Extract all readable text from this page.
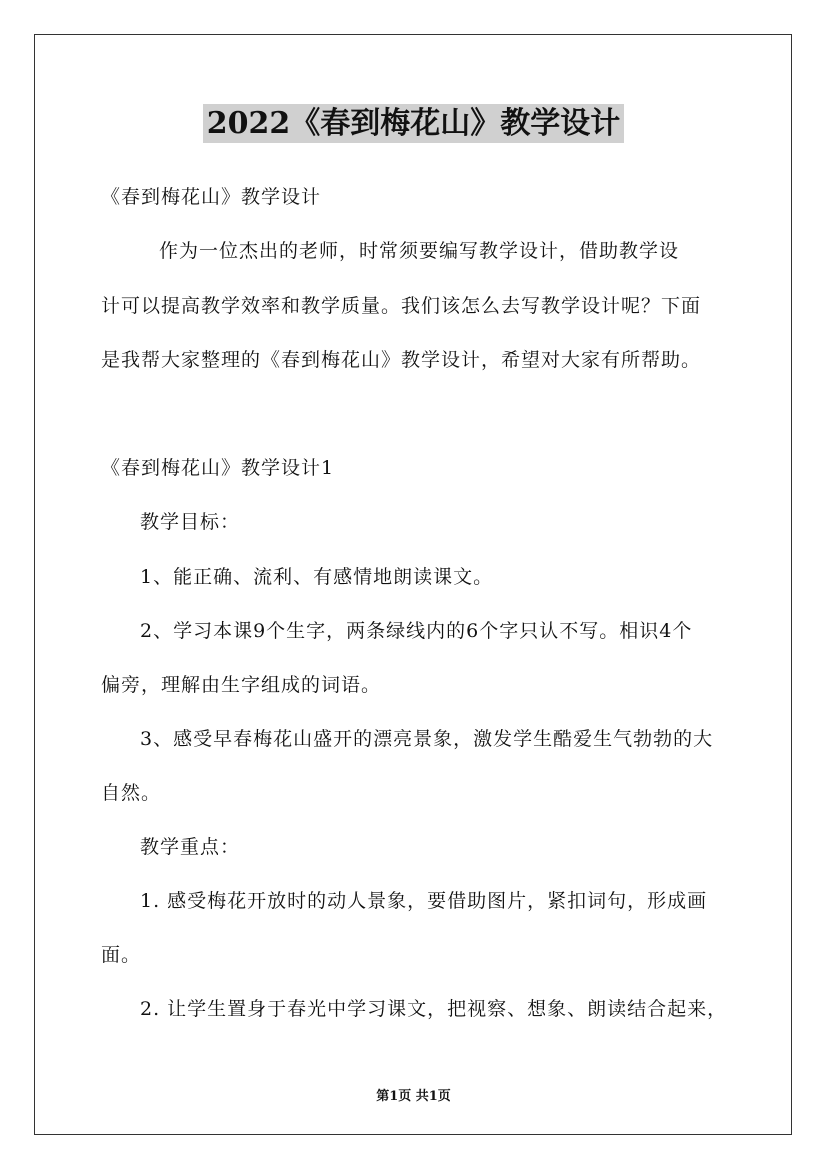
2022《春到梅花山》教学设计
《春到梅花山》教学设计
作为一位杰出的老师，时常须要编写教学设计，借助教学设
计可以提高教学效率和教学质量。我们该怎么去写教学设计呢？下面
是我帮大家整理的《春到梅花山》教学设计，希望对大家有所帮助。
《春到梅花山》教学设计1
教学目标：
1、能正确、流利、有感情地朗读课文。
2、学习本课9个生字，两条绿线内的6个字只认不写。相识4个
偏旁，理解由生字组成的词语。
3、感受早春梅花山盛开的漂亮景象，激发学生酷爱生气勃勃的大
自然。
教学重点：
1. 感受梅花开放时的动人景象，要借助图片，紧扣词句，形成画
面。
2. 让学生置身于春光中学习课文，把视察、想象、朗读结合起来，
第1页 共1页
